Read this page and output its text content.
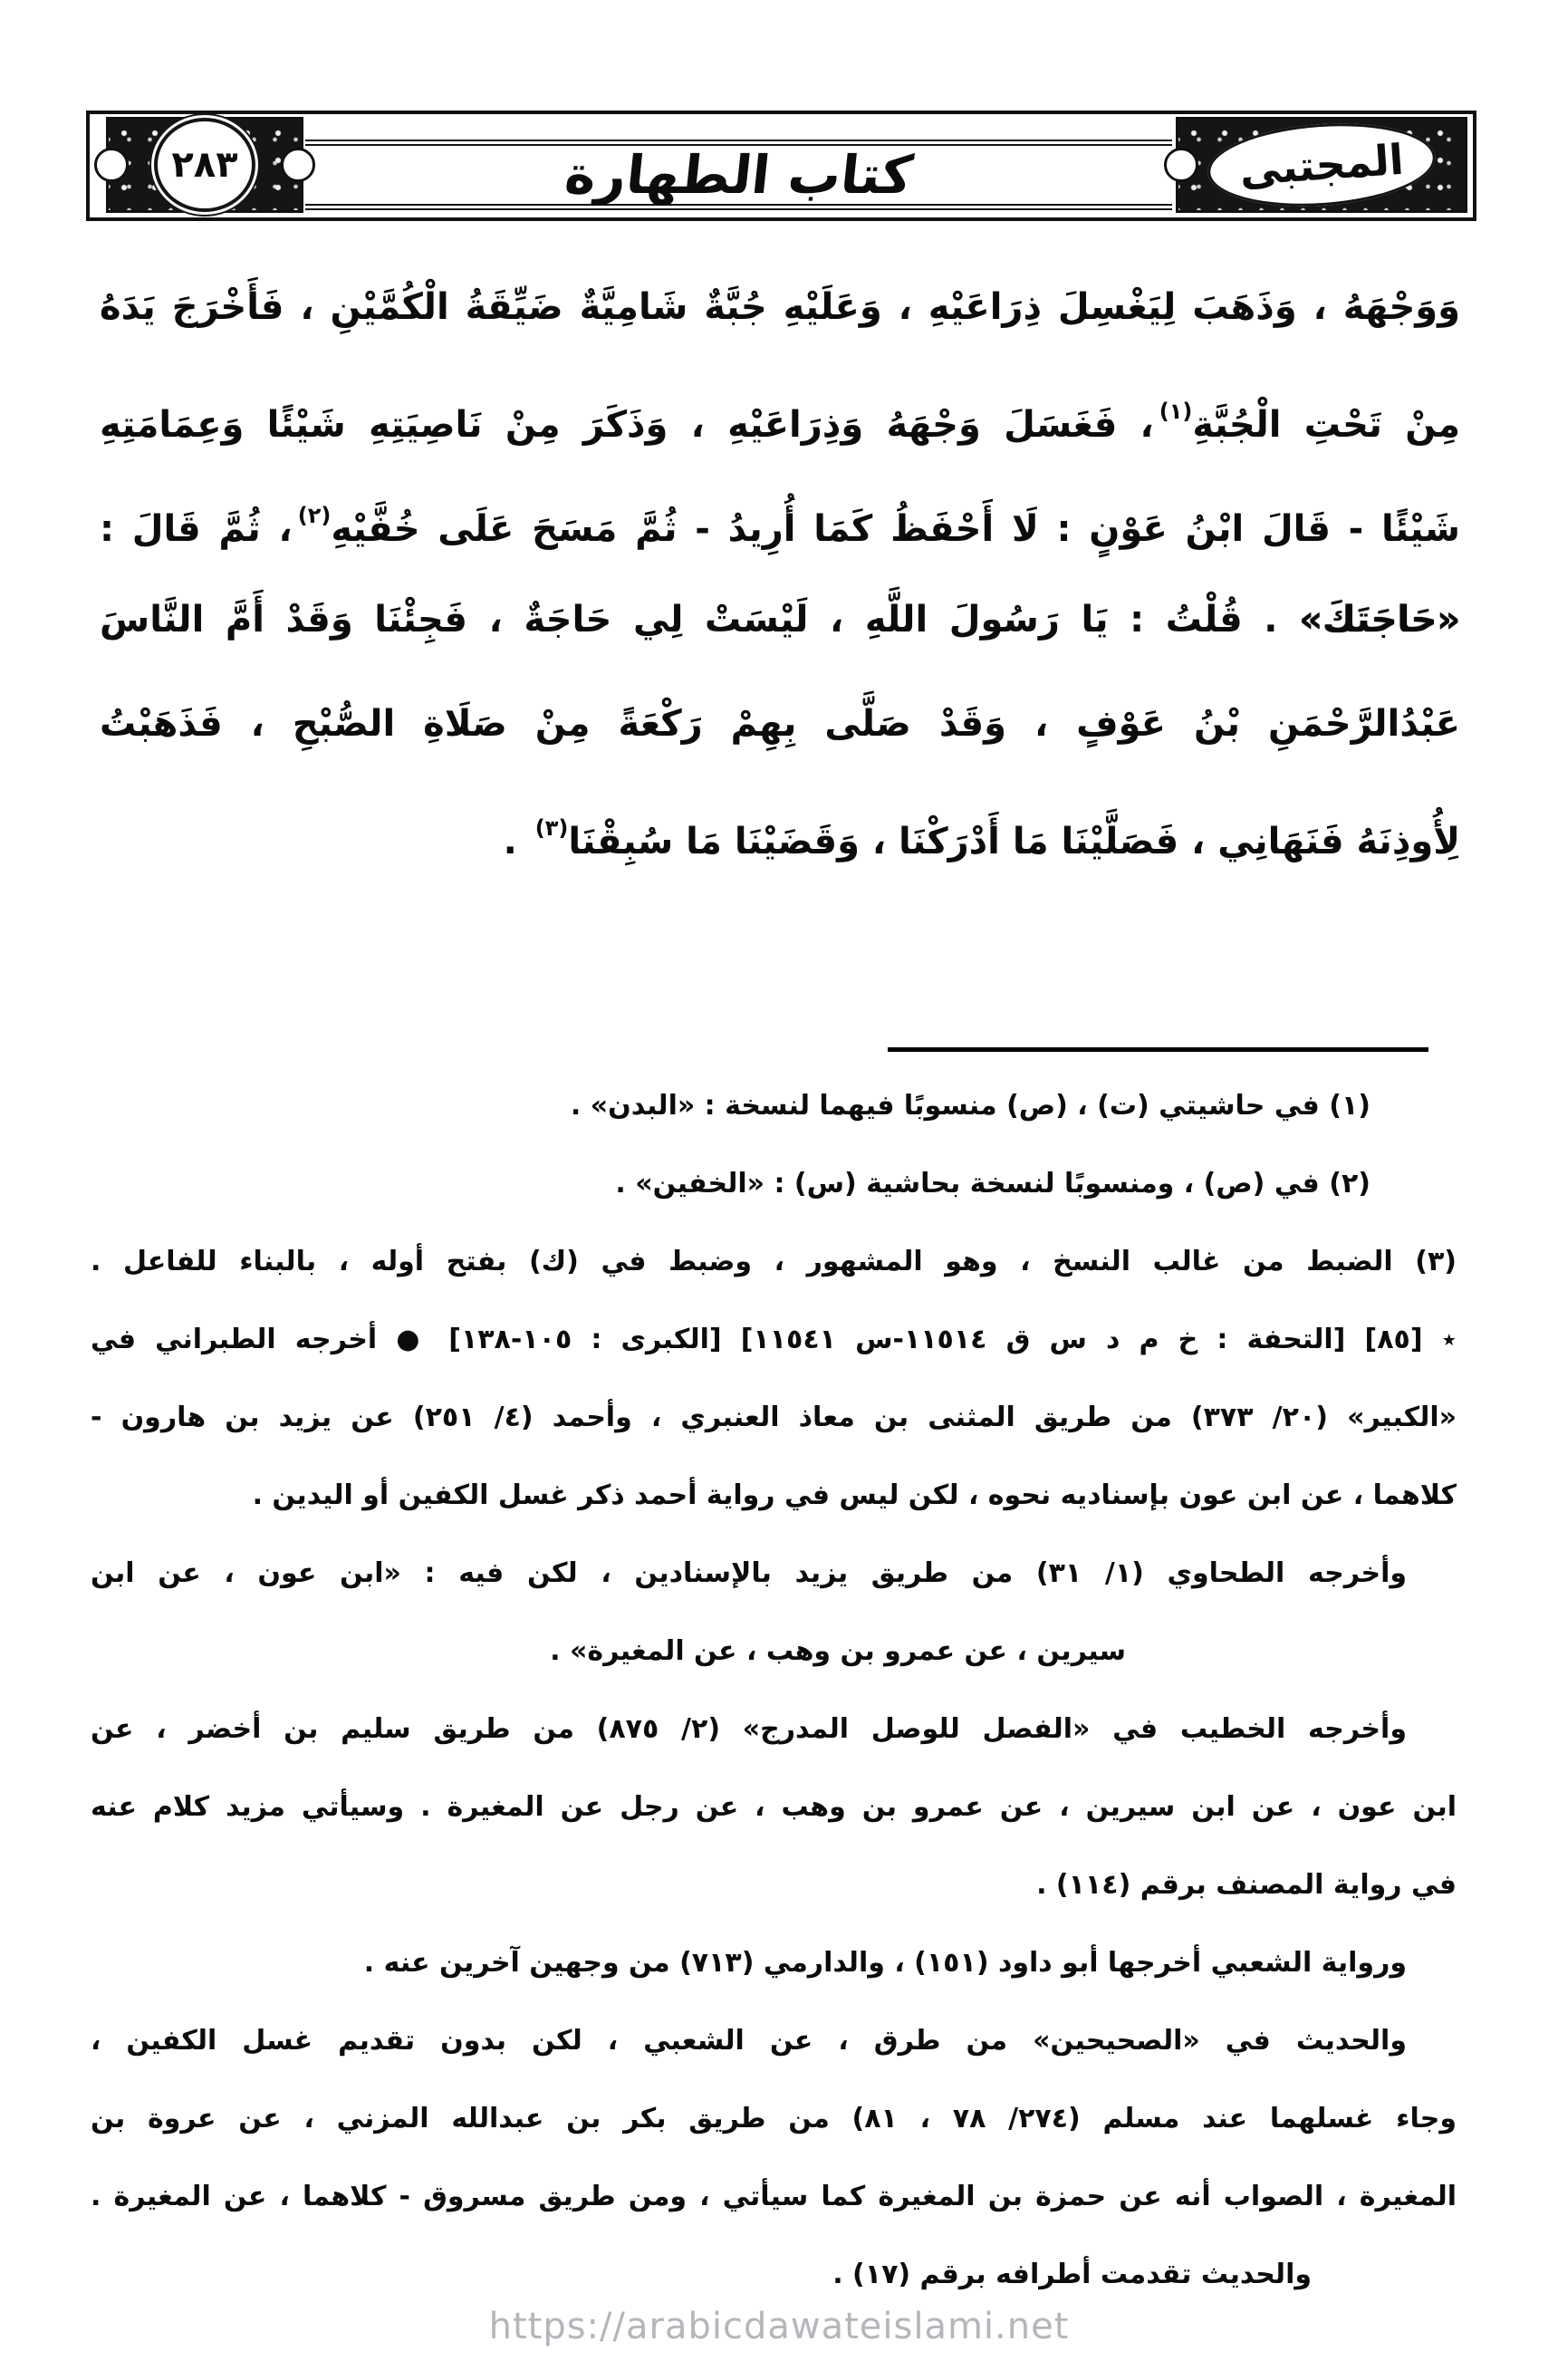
كتاب الطهارة
٢٨٣	المجتبى
وَوَجْهَهُ ، وَذَهَبَ لِيَغْسِلَ ذِرَاعَيْهِ ، وَعَلَيْهِ جُبَّةٌ شَامِيَّةٌ ضَيِّقَةُ الْكُمَّيْنِ ، فَأَخْرَجَ يَدَهُ
مِنْ تَحْتِ الْجُبَّةِ$^{(١)}$، فَغَسَلَ وَجْهَهُ وَذِرَاعَيْهِ ، وَذَكَرَ مِنْ نَاصِيَتِهِ شَيْئًا وَعِمَامَتِهِ
شَيْئًا - قَالَ ابْنُ عَوْنٍ : لَا أَحْفَظُ كَمَا أُرِيدُ - ثُمَّ مَسَحَ عَلَى خُفَّيْهِ$^{(٢)}$، ثُمَّ قَالَ :
«حَاجَتَكَ» . قُلْتُ : يَا رَسُولَ اللَّهِ ، لَيْسَتْ لِي حَاجَةٌ ، فَجِئْنَا وَقَدْ أَمَّ النَّاسَ
عَبْدُالرَّحْمَنِ بْنُ عَوْفٍ ، وَقَدْ صَلَّى بِهِمْ رَكْعَةً مِنْ صَلَاةِ الصُّبْحِ ، فَذَهَبْتُ
لِأُوذِنَهُ فَنَهَانِي ، فَصَلَّيْنَا مَا أَدْرَكْنَا ، وَقَضَيْنَا مَا سُبِقْنَا$^{(٣)}$ .
(١) في حاشيتي (ت) ، (ص) منسوبًا فيهما لنسخة : «البدن» .
(٢) في (ص) ، ومنسوبًا لنسخة بحاشية (س) : «الخفين» .
(٣) الضبط من غالب النسخ ، وهو المشهور ، وضبط في (ك) بفتح أوله ، بالبناء للفاعل .
٭ [٨٥] [التحفة : خ م د س ق ١١٥١٤-س ١١٥٤١] [الكبرى : ١٠٥-١٣٨] ● أخرجه الطبراني في
«الكبير» (٢٠/ ٣٧٣) من طريق المثنى بن معاذ العنبري ، وأحمد (٤/ ٢٥١) عن يزيد بن هارون -
كلاهما ، عن ابن عون بإسناديه نحوه ، لكن ليس في رواية أحمد ذكر غسل الكفين أو اليدين .
وأخرجه الطحاوي (١/ ٣١) من طريق يزيد بالإسنادين ، لكن فيه : «ابن عون ، عن ابن
سيرين ، عن عمرو بن وهب ، عن المغيرة» .
وأخرجه الخطيب في «الفصل للوصل المدرج» (٢/ ٨٧٥) من طريق سليم بن أخضر ، عن
ابن عون ، عن ابن سيرين ، عن عمرو بن وهب ، عن رجل عن المغيرة . وسيأتي مزيد كلام عنه
في رواية المصنف برقم (١١٤) .
ورواية الشعبي أخرجها أبو داود (١٥١) ، والدارمي (٧١٣) من وجهين آخرين عنه .
والحديث في «الصحيحين» من طرق ، عن الشعبي ، لكن بدون تقديم غسل الكفين ،
وجاء غسلهما عند مسلم (٢٧٤/ ٧٨ ، ٨١) من طريق بكر بن عبدالله المزني ، عن عروة بن
المغيرة ، الصواب أنه عن حمزة بن المغيرة كما سيأتي ، ومن طريق مسروق - كلاهما ، عن المغيرة .
والحديث تقدمت أطرافه برقم (١٧) .
https://arabicdawateislami.net
